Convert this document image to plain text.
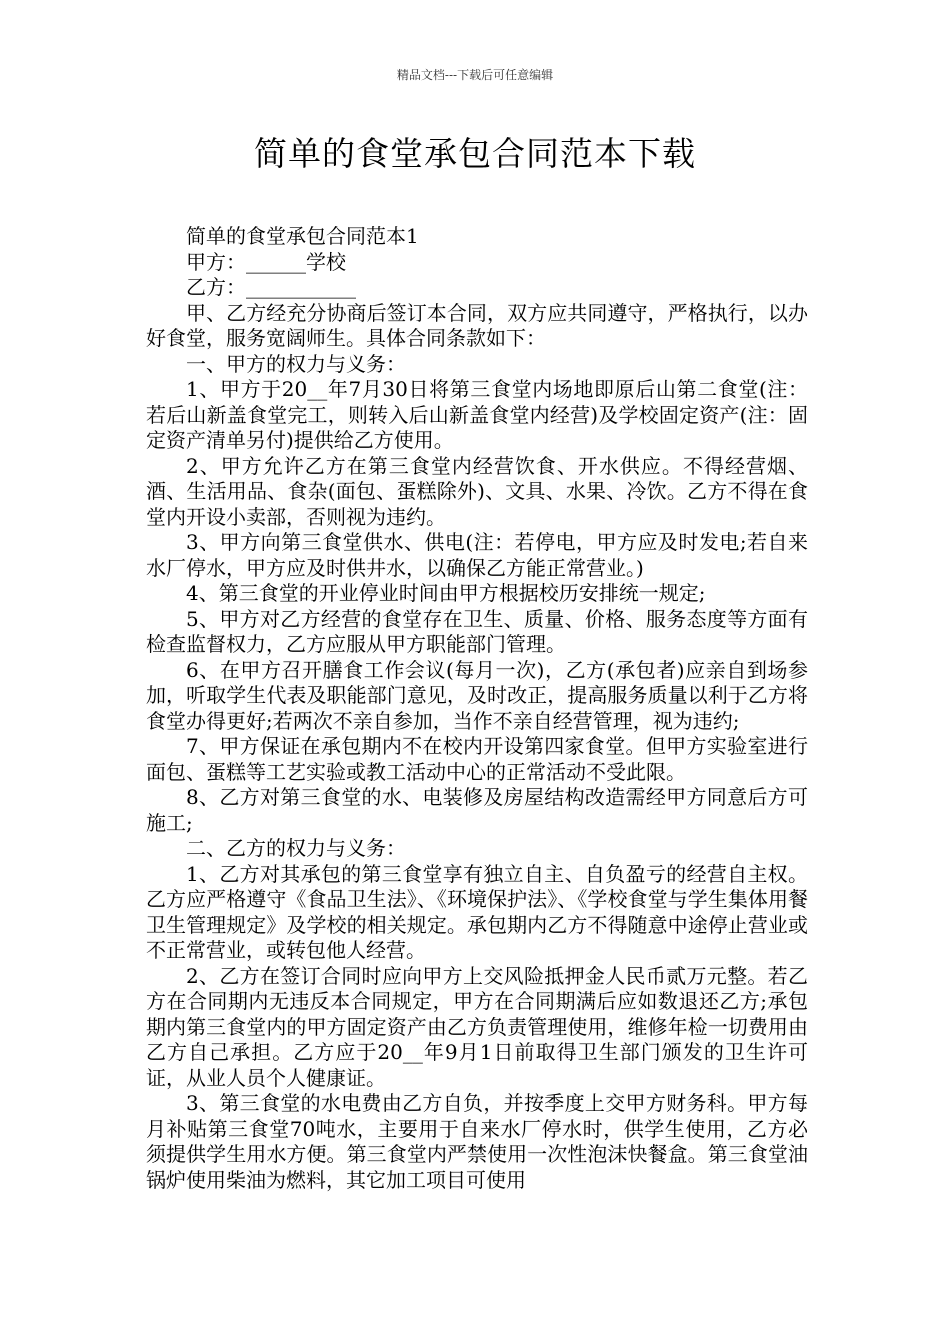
精品文档---下载后可任意编辑
简单的食堂承包合同范本下载

简单的食堂承包合同范本1

甲方：______学校

乙方：___________

甲、乙方经充分协商后签订本合同，双方应共同遵守，严格执行，以办好食堂，服务宽阔师生。具体合同条款如下：

一、甲方的权力与义务：

1、甲方于20__年7月30日将第三食堂内场地即原后山第二食堂(注：若后山新盖食堂完工，则转入后山新盖食堂内经营)及学校固定资产(注：固定资产清单另付)提供给乙方使用。

2、甲方允许乙方在第三食堂内经营饮食、开水供应。不得经营烟、酒、生活用品、食杂(面包、蛋糕除外)、文具、水果、冷饮。乙方不得在食堂内开设小卖部，否则视为违约。

3、甲方向第三食堂供水、供电(注：若停电，甲方应及时发电;若自来水厂停水，甲方应及时供井水，以确保乙方能正常营业。)

4、第三食堂的开业停业时间由甲方根据校历安排统一规定;

5、甲方对乙方经营的食堂存在卫生、质量、价格、服务态度等方面有检查监督权力，乙方应服从甲方职能部门管理。

6、在甲方召开膳食工作会议(每月一次)，乙方(承包者)应亲自到场参加，听取学生代表及职能部门意见，及时改正，提高服务质量以利于乙方将食堂办得更好;若两次不亲自参加，当作不亲自经营管理，视为违约;

7、甲方保证在承包期内不在校内开设第四家食堂。但甲方实验室进行面包、蛋糕等工艺实验或教工活动中心的正常活动不受此限。

8、乙方对第三食堂的水、电装修及房屋结构改造需经甲方同意后方可施工;

二、乙方的权力与义务：

1、乙方对其承包的第三食堂享有独立自主、自负盈亏的经营自主权。乙方应严格遵守《食品卫生法》、《环境保护法》、《学校食堂与学生集体用餐卫生管理规定》及学校的相关规定。承包期内乙方不得随意中途停止营业或不正常营业，或转包他人经营。

2、乙方在签订合同时应向甲方上交风险抵押金人民币贰万元整。若乙方在合同期内无违反本合同规定，甲方在合同期满后应如数退还乙方;承包期内第三食堂内的甲方固定资产由乙方负责管理使用，维修年检一切费用由乙方自己承担。乙方应于20__年9月1日前取得卫生部门颁发的卫生许可证，从业人员个人健康证。

3、第三食堂的水电费由乙方自负，并按季度上交甲方财务科。甲方每月补贴第三食堂70吨水，主要用于自来水厂停水时，供学生使用，乙方必须提供学生用水方便。第三食堂内严禁使用一次性泡沫快餐盒。第三食堂油锅炉使用柴油为燃料，其它加工项目可使用
